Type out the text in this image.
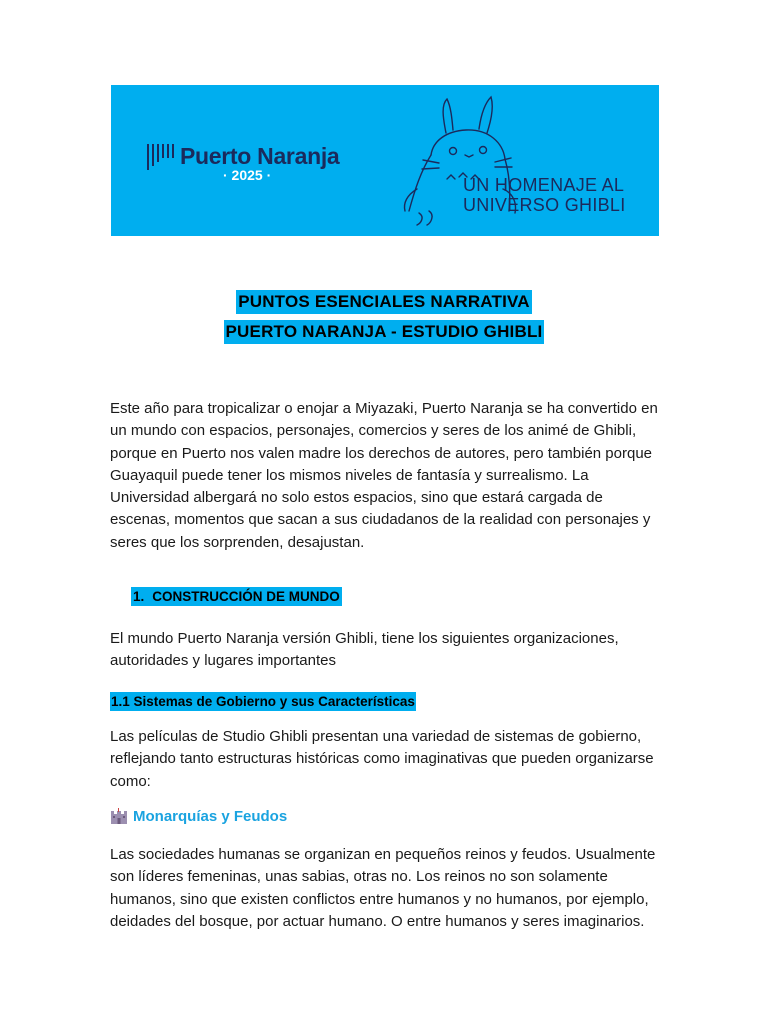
Puerto Naranja
· 2025 ·	UN HOMENAJE AL
UNIVERSO GHIBLI
PUNTOS ESENCIALES NARRATIVA
PUERTO NARANJA - ESTUDIO GHIBLI

Este año para tropicalizar o enojar a Miyazaki, Puerto Naranja se ha convertido en un mundo con espacios, personajes, comercios y seres de los animé de Ghibli, porque en Puerto nos valen madre los derechos de autores, pero también porque Guayaquil puede tener los mismos niveles de fantasía y surrealismo. La Universidad albergará no solo estos espacios, sino que estará cargada de escenas, momentos que sacan a sus ciudadanos de la realidad con personajes y seres que los sorprenden, desajustan.

1. CONSTRUCCIÓN DE MUNDO

El mundo Puerto Naranja versión Ghibli, tiene los siguientes organizaciones, autoridades y lugares importantes

1.1 Sistemas de Gobierno y sus Características

Las películas de Studio Ghibli presentan una variedad de sistemas de gobierno, reflejando tanto estructuras históricas como imaginativas que pueden organizarse como:

Monarquías y Feudos

Las sociedades humanas se organizan en pequeños reinos y feudos. Usualmente son líderes femeninas, unas sabias, otras no. Los reinos no son solamente humanos, sino que existen conflictos entre humanos y no humanos, por ejemplo, deidades del bosque, por actuar humano. O entre humanos y seres imaginarios.
